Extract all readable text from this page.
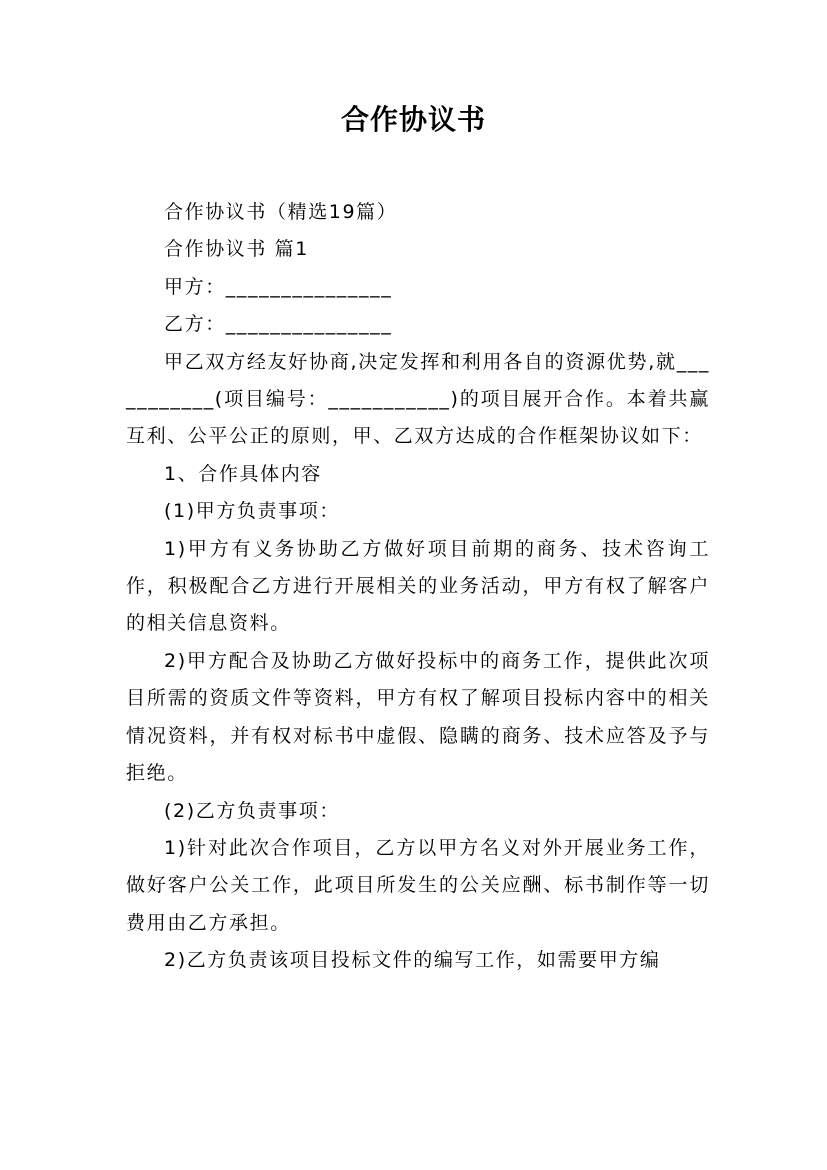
合作协议书

合作协议书（精选19篇）

合作协议书 篇1

甲方：_______________

乙方：_______________

甲乙双方经友好协商,决定发挥和利用各自的资源优势,就___________(项目编号：___________)的项目展开合作。本着共赢互利、公平公正的原则，甲、乙双方达成的合作框架协议如下：

1、合作具体内容

(1)甲方负责事项：

1)甲方有义务协助乙方做好项目前期的商务、技术咨询工作，积极配合乙方进行开展相关的业务活动，甲方有权了解客户的相关信息资料。

2)甲方配合及协助乙方做好投标中的商务工作，提供此次项目所需的资质文件等资料，甲方有权了解项目投标内容中的相关情况资料，并有权对标书中虚假、隐瞒的商务、技术应答及予与拒绝。

(2)乙方负责事项：

1)针对此次合作项目，乙方以甲方名义对外开展业务工作，做好客户公关工作，此项目所发生的公关应酬、标书制作等一切费用由乙方承担。

2)乙方负责该项目投标文件的编写工作，如需要甲方编
